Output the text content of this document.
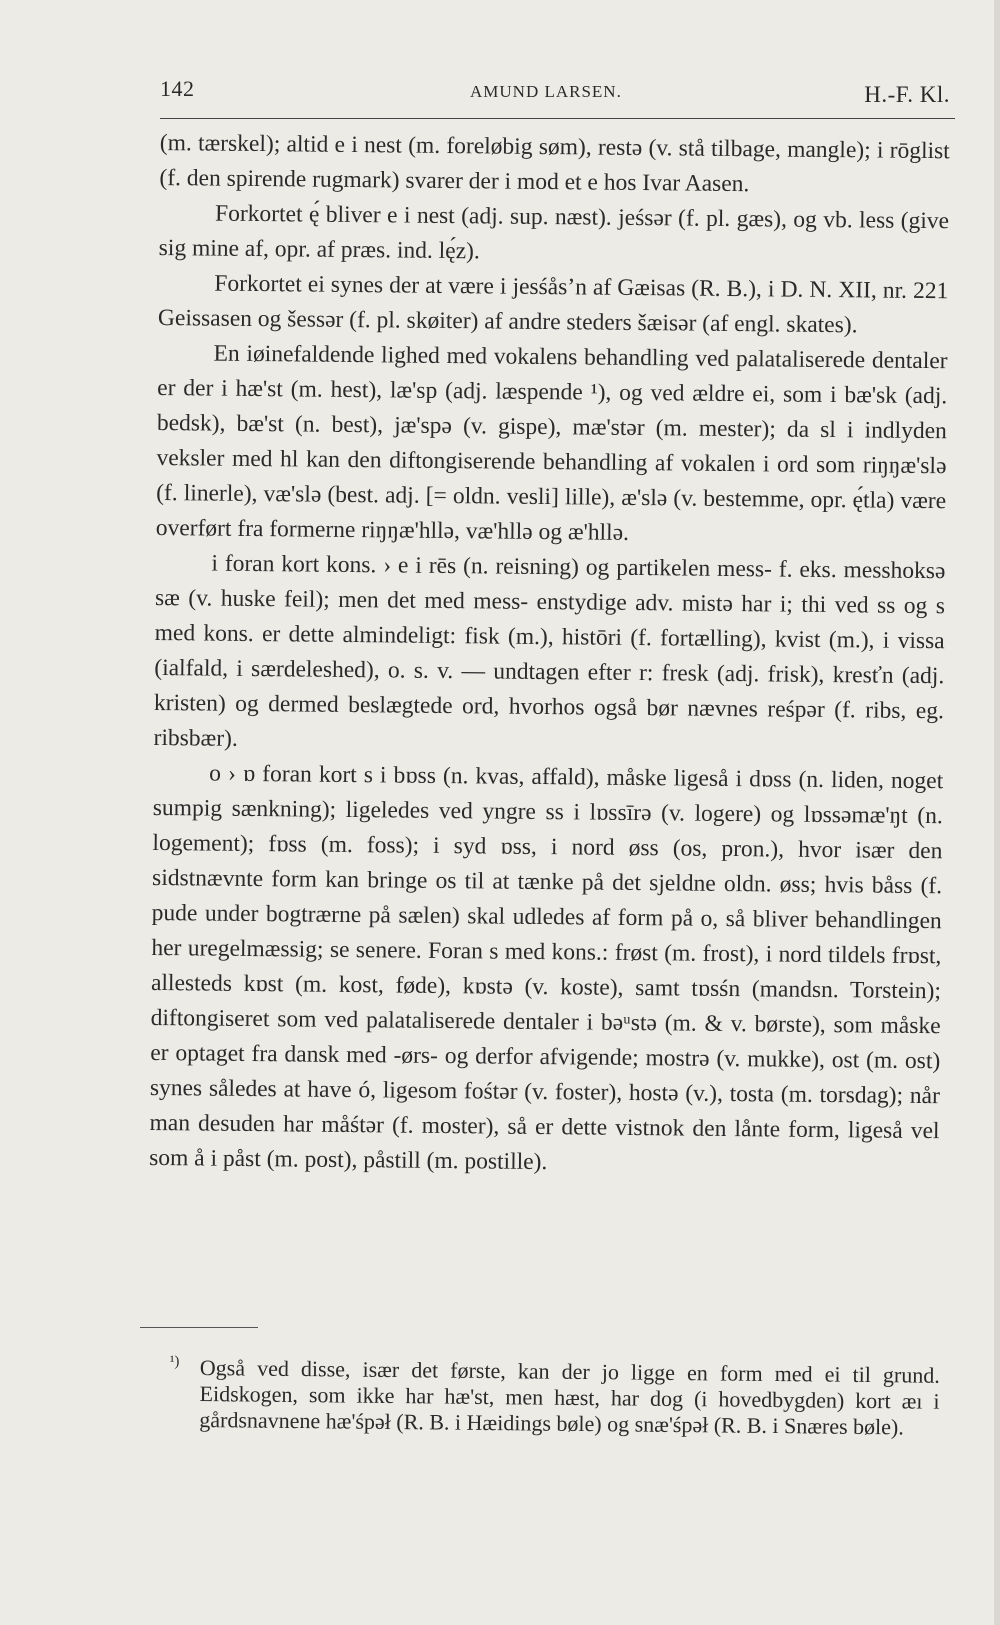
142	AMUND LARSEN.	H.-F. Kl.

(m. tærskel); altid e i nest (m. foreløbig søm), restə (v. stå tilbage, mangle); i rōglist (f. den spirende rugmark) svarer der i mod et e hos Ivar Aasen.

Forkortet ę́ bliver e i nest (adj. sup. næst). jeśsər (f. pl. gæs), og vb. less (give sig mine af, opr. af præs. ind. lę́z).

Forkortet ei synes der at være i jesśås’n af Gæisas (R. B.), i D. N. XII, nr. 221 Geissasen og šessər (f. pl. skøiter) af andre steders šæisər (af engl. skates).

En iøinefaldende lighed med vokalens behandling ved palataliserede dentaler er der i hæ'st (m. hest), læ'sp (adj. læspende ¹), og ved ældre ei, som i bæ'sk (adj. bedsk), bæ'st (n. best), jæ'spə (v. gispe), mæ'stər (m. mester); da sl i indlyden veksler med hl kan den diftongiserende behandling af vokalen i ord som riŋŋæ'slə (f. linerle), væ'slə (best. adj. [= oldn. vesli] lille), æ'slə (v. bestemme, opr. ę́tla) være overført fra formerne riŋŋæ'hllə, væ'hllə og æ'hllə.

i foran kort kons. › e i rēs (n. reisning) og partikelen mess- f. eks. messhoksə sæ (v. huske feil); men det med mess- enstydige adv. mistə har i; thi ved ss og s med kons. er dette almindeligt: fisk (m.), histōri (f. fortælling), kvist (m.), i vissa (ialfald, i særdeleshed), o. s. v. — undtagen efter r: fresk (adj. frisk), kresťn (adj. kristen) og dermed beslægtede ord, hvorhos også bør nævnes reśpər (f. ribs, eg. ribsbær).

o › ɒ foran kort s i bɒss (n. kvas, affald), måske ligeså i dɒss (n. liden, noget sumpig sænkning); ligeledes ved yngre ss i lɒssīrə (v. logere) og lɒssəmæ'ŋt (n. logement); fɒss (m. foss); i syd ɒss, i nord øss (os, pron.), hvor især den sidstnævnte form kan bringe os til at tænke på det sjeldne oldn. øss; hvis båss (f. pude under bogtrærne på sælen) skal udledes af form på o, så bliver behandlingen her uregelmæssig; se senere. Foran s med kons.: frøst (m. frost), i nord tildels frɒst, allesteds kɒst (m. kost, føde), kɒstə (v. koste), samt tɒsśn (mandsn. Torstein); diftongiseret som ved palataliserede dentaler i bəᵘstə (m. & v. børste), som måske er optaget fra dansk med -ørs- og derfor afvigende; mostrə (v. mukke), ost (m. ost) synes således at have ó, ligesom fośtər (v. foster), hostə (v.), tosta (m. torsdag); når man desuden har måśtər (f. moster), så er dette vistnok den lånte form, ligeså vel som å i påst (m. post), påstill (m. postille).

¹) Også ved disse, især det første, kan der jo ligge en form med ei til grund. Eidskogen, som ikke har hæ'st, men hæst, har dog (i hovedbygden) kort æı i gårdsnavnene hæ'śpəł (R. B. i Hæidings bøle) og snæ'śpəł (R. B. i Snæres bøle).
